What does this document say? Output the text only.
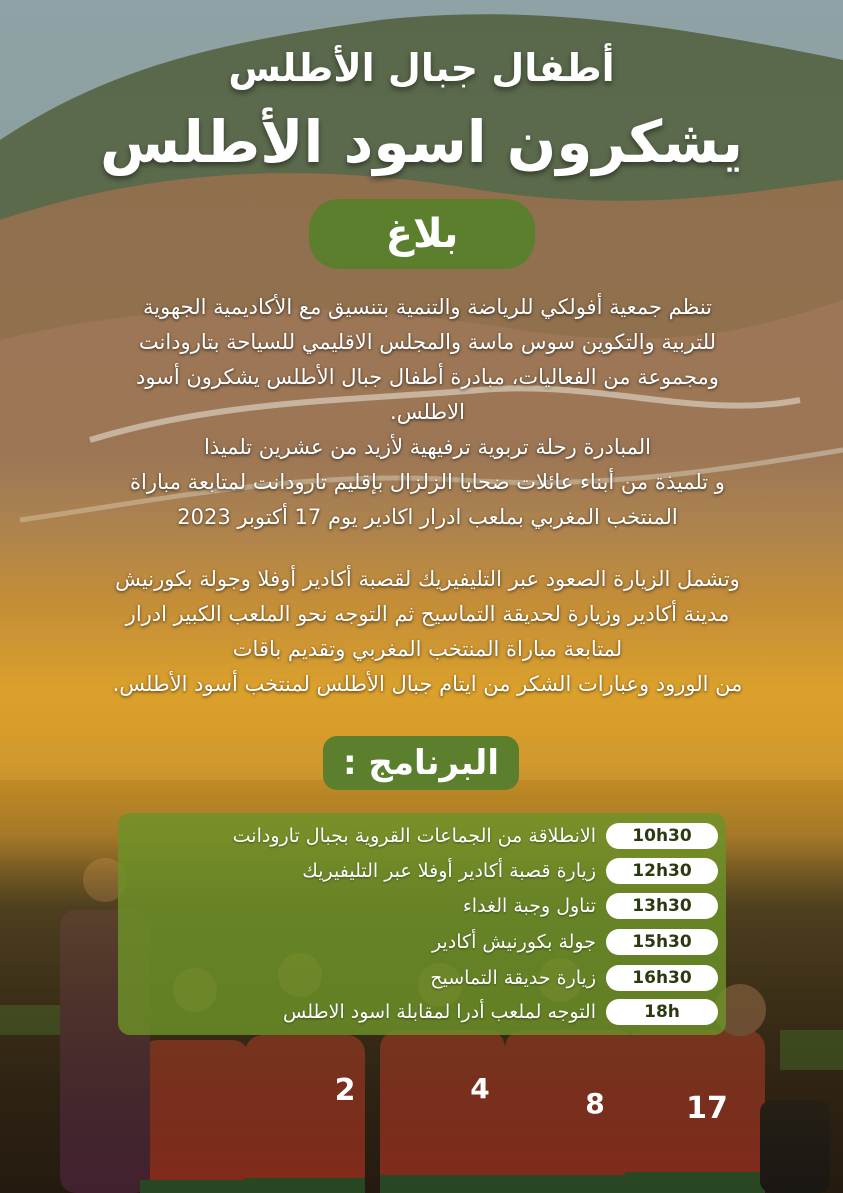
أطفال جبال الأطلس
يشكرون اسود الأطلس
بلاغ
تنظم جمعية أفولكي للرياضة والتنمية بتنسيق مع الأكاديمية الجهوية
للتربية والتكوين سوس ماسة والمجلس الاقليمي للسياحة بتارودانت
ومجموعة من الفعاليات، مبادرة أطفال جبال الأطلس يشكرون أسود
الاطلس.
المبادرة رحلة تربوية ترفيهية لأزيد من عشرين تلميذا
و تلميذة من أبناء عائلات ضحايا الزلزال بإقليم تارودانت لمتابعة مباراة
المنتخب المغربي بملعب ادرار اكادير يوم 17 أكتوبر 2023
وتشمل الزيارة الصعود عبر التليفيريك لقصبة أكادير أوفلا وجولة بكورنيش
مدينة أكادير وزيارة لحديقة التماسيح ثم التوجه نحو الملعب الكبير ادرار
لمتابعة مباراة المنتخب المغربي وتقديم باقات
من الورود وعبارات الشكر من ايتام جبال الأطلس لمنتخب أسود الأطلس.
البرنامج :
10h30
الانطلاقة من الجماعات القروية بجبال تارودانت
12h30
زيارة قصبة أكادير أوفلا عبر التليفيريك
13h30
تناول وجبة الغداء
15h30
جولة بكورنيش أكادير
16h30
زيارة حديقة التماسيح
18h
التوجه لملعب أدرا لمقابلة اسود الاطلس
2	4	8	17
